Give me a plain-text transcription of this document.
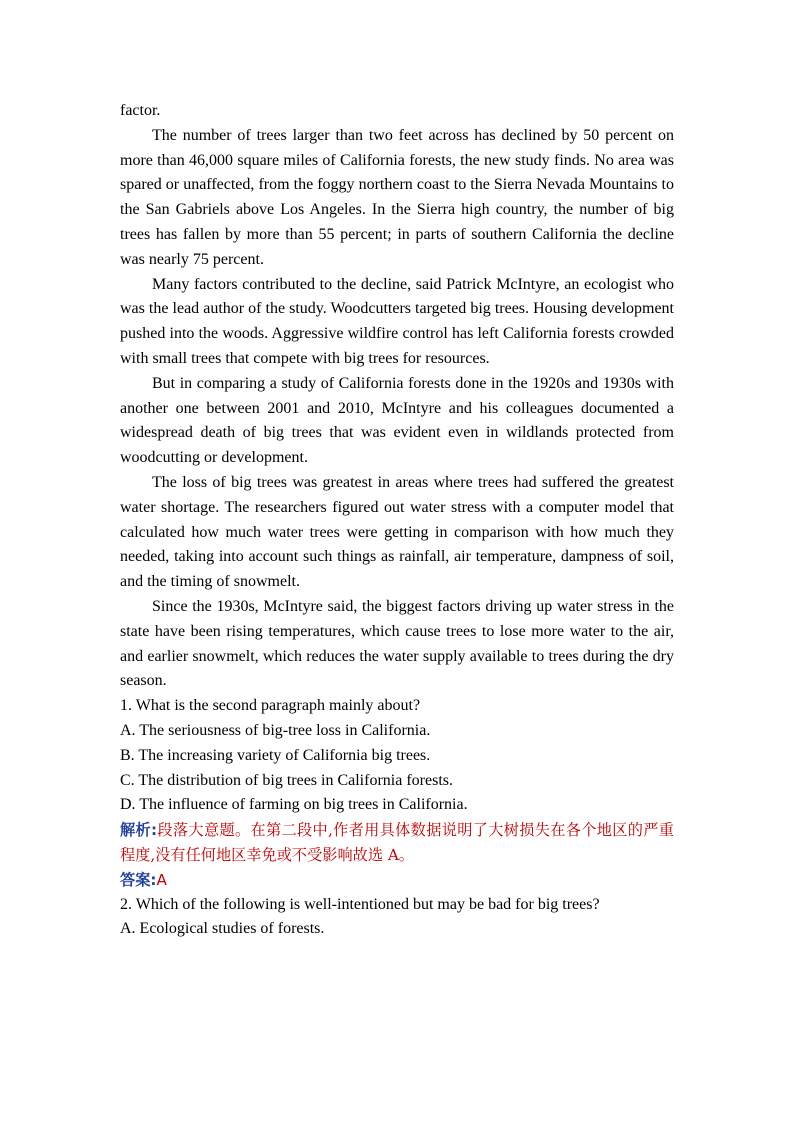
factor.

The number of trees larger than two feet across has declined by 50 percent on more than 46,000 square miles of California forests, the new study finds. No area was spared or unaffected, from the foggy northern coast to the Sierra Nevada Mountains to the San Gabriels above Los Angeles. In the Sierra high country, the number of big trees has fallen by more than 55 percent; in parts of southern California the decline was nearly 75 percent.

Many factors contributed to the decline, said Patrick McIntyre, an ecologist who was the lead author of the study. Woodcutters targeted big trees. Housing development pushed into the woods. Aggressive wildfire control has left California forests crowded with small trees that compete with big trees for resources.

But in comparing a study of California forests done in the 1920s and 1930s with another one between 2001 and 2010, McIntyre and his colleagues documented a widespread death of big trees that was evident even in wildlands protected from woodcutting or development.

The loss of big trees was greatest in areas where trees had suffered the greatest water shortage. The researchers figured out water stress with a computer model that calculated how much water trees were getting in comparison with how much they needed, taking into account such things as rainfall, air temperature, dampness of soil, and the timing of snowmelt.

Since the 1930s, McIntyre said, the biggest factors driving up water stress in the state have been rising temperatures, which cause trees to lose more water to the air, and earlier snowmelt, which reduces the water supply available to trees during the dry season.

1. What is the second paragraph mainly about?

A. The seriousness of big-tree loss in California.

B. The increasing variety of California big trees.

C. The distribution of big trees in California forests.

D. The influence of farming on big trees in California.

解析:段落大意题。在第二段中,作者用具体数据说明了大树损失在各个地区的严重程度,没有任何地区幸免或不受影响故选 A。

答案:A

2. Which of the following is well-intentioned but may be bad for big trees?

A. Ecological studies of forests.
